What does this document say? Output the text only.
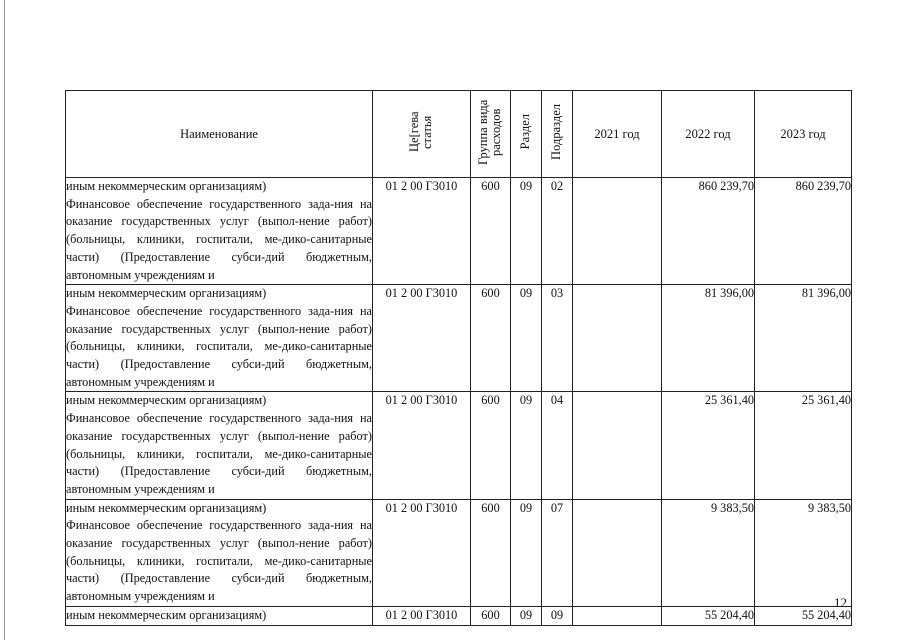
Наименование	Це[гева статья	Группа вида расходов	Раздел	Подраздел	2021 год	2022 год	2023 год
иным некоммерческим организациям)
Финансовое обеспечение государственного зада-ния на оказание государственных услуг (выпол-нение работ) (больницы, клиники, госпитали, ме-дико-санитарные части) (Предоставление субси-дий бюджетным, автономным учреждениям и	01 2 00 Г3010	600	09	02		860 239,70	860 239,70
иным некоммерческим организациям)
Финансовое обеспечение государственного зада-ния на оказание государственных услуг (выпол-нение работ) (больницы, клиники, госпитали, ме-дико-санитарные части) (Предоставление субси-дий бюджетным, автономным учреждениям и	01 2 00 Г3010	600	09	03		81 396,00	81 396,00
иным некоммерческим организациям)
Финансовое обеспечение государственного зада-ния на оказание государственных услуг (выпол-нение работ) (больницы, клиники, госпитали, ме-дико-санитарные части) (Предоставление субси-дий бюджетным, автономным учреждениям и	01 2 00 Г3010	600	09	04		25 361,40	25 361,40
иным некоммерческим организациям)
Финансовое обеспечение государственного зада-ния на оказание государственных услуг (выпол-нение работ) (больницы, клиники, госпитали, ме-дико-санитарные части) (Предоставление субси-дий бюджетным, автономным учреждениям и	01 2 00 Г3010	600	09	07		9 383,50	9 383,50
иным некоммерческим организациям)	01 2 00 Г3010	600	09	09		55 204,40	55 204,40
12
